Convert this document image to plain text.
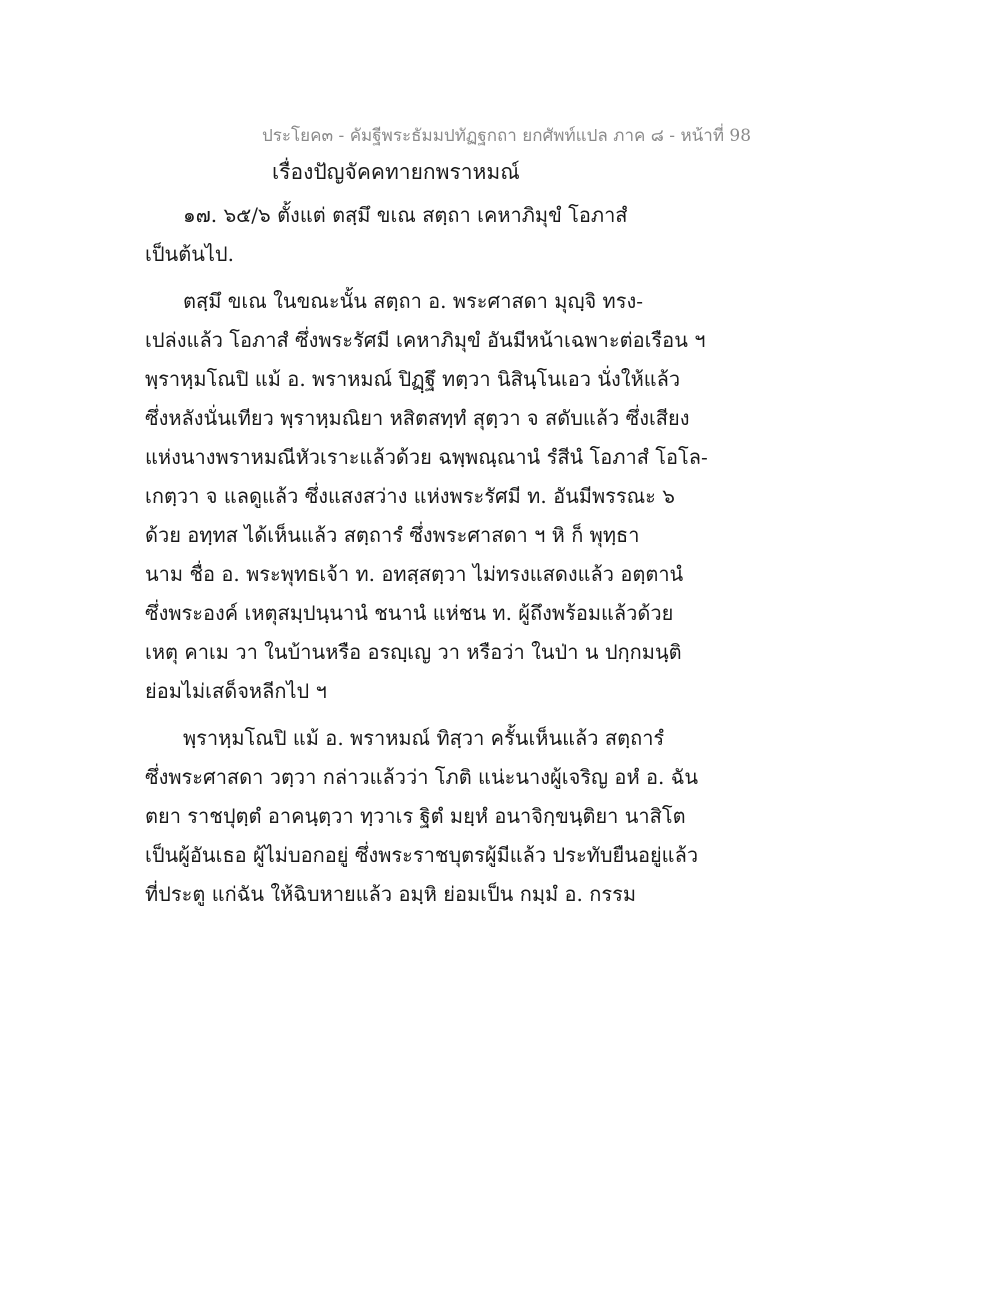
ประโยค๓ - คัมฐีพระธัมมปทัฏฐกถา ยกศัพท์แปล ภาค ๘ - หน้าที่ 98
เรื่องปัญจัคคทายกพราหมณ์
๑๗. ๖๕/๖ ตั้งแต่ ตสฺมึ ขเณ สตฺถา เคหาภิมุขํ โอภาสํ
เป็นต้นไป.
ตสฺมึ ขเณ ในขณะนั้น สตฺถา อ. พระศาสดา มุญฺจิ ทรง-
เปล่งแล้ว โอภาสํ ซึ่งพระรัศมี เคหาภิมุขํ อันมีหน้าเฉพาะต่อเรือน ฯ
พฺราหฺมโณปิ แม้ อ. พราหมณ์ ปิฏฺฐึ ทตฺวา นิสินฺโนเอว นั่งให้แล้ว
ซึ่งหลังนั่นเทียว พฺราหฺมณิยา หสิตสทฺทํ สุตฺวา จ สดับแล้ว ซึ่งเสียง
แห่งนางพราหมณีหัวเราะแล้วด้วย ฉพฺพณฺณานํ รํสีนํ โอภาสํ โอโล-
เกตฺวา จ แลดูแล้ว ซึ่งแสงสว่าง แห่งพระรัศมี ท. อันมีพรรณะ ๖
ด้วย อทฺทส ได้เห็นแล้ว สตฺถารํ ซึ่งพระศาสดา ฯ หิ ก็ พุทฺธา
นาม ชื่อ อ. พระพุทธเจ้า ท. อทสฺสตฺวา ไม่ทรงแสดงแล้ว อตฺตานํ
ซึ่งพระองค์ เหตุสมฺปนฺนานํ ชนานํ แห่ชน ท. ผู้ถึงพร้อมแล้วด้วย
เหตุ คาเม วา ในบ้านหรือ อรญฺเญ วา หรือว่า ในป่า น ปกฺกมนฺติ
ย่อมไม่เสด็จหลีกไป ฯ
พฺราหฺมโณปิ แม้ อ. พราหมณ์ ทิสฺวา ครั้นเห็นแล้ว สตฺถารํ
ซึ่งพระศาสดา วตฺวา กล่าวแล้วว่า โภติ แน่ะนางผู้เจริญ อหํ อ. ฉัน
ตยา ราชปุตฺตํ อาคนฺตฺวา ทฺวาเร ฐิตํ มยฺหํ อนาจิกฺขนฺติยา นาสิโต
เป็นผู้อันเธอ ผู้ไม่บอกอยู่ ซึ่งพระราชบุตรผู้มีแล้ว ประทับยืนอยู่แล้ว
ที่ประตู แก่ฉัน ให้ฉิบหายแล้ว อมฺหิ ย่อมเป็น กมฺมํ อ. กรรม
